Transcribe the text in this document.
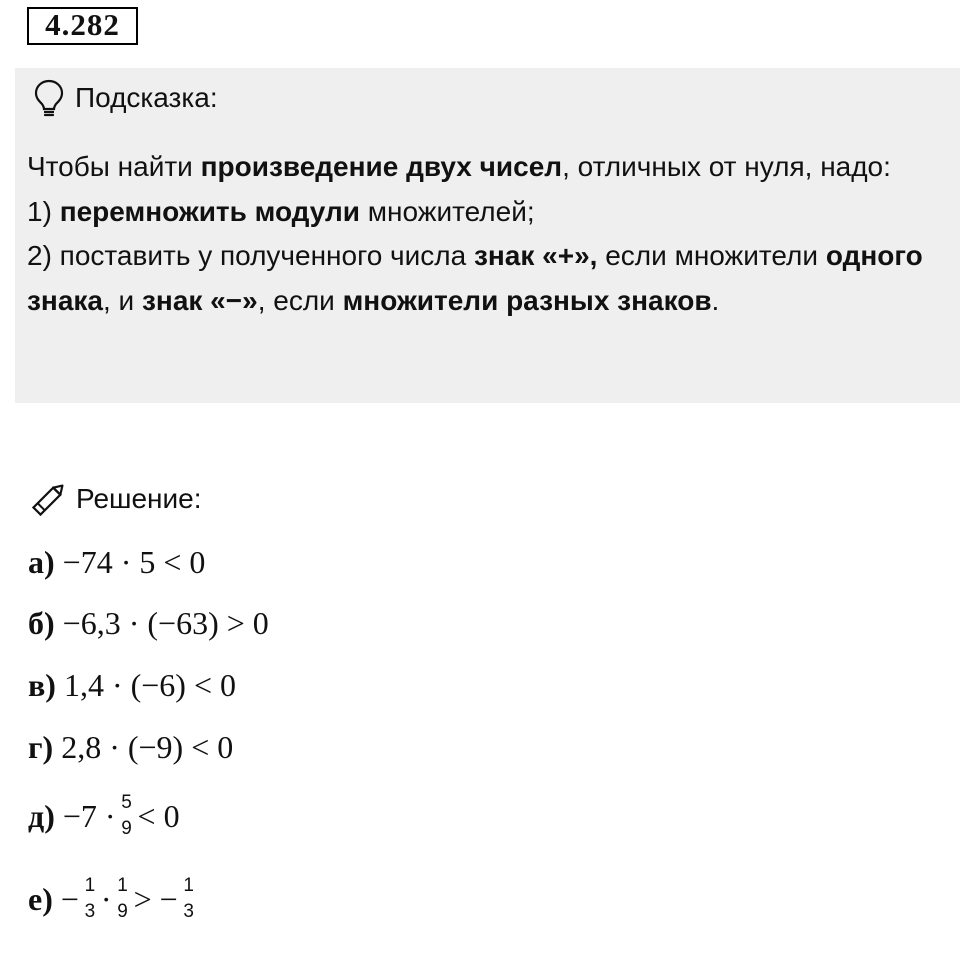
4.282
Подсказка:
Чтобы найти произведение двух чисел, отличных от нуля, надо:
1) перемножить модули множителей;
2) поставить у полученного числа знак «+», если множители одного знака, и знак «−», если множители разных знаков.
Решение:
а) −74 · 5 < 0
б) −6,3 · (−63) > 0
в) 1,4 · (−6) < 0
г) 2,8 · (−9) < 0
д) −7 · 5
9 < 0
е) − 1
3 · 1
9 > − 1
3
